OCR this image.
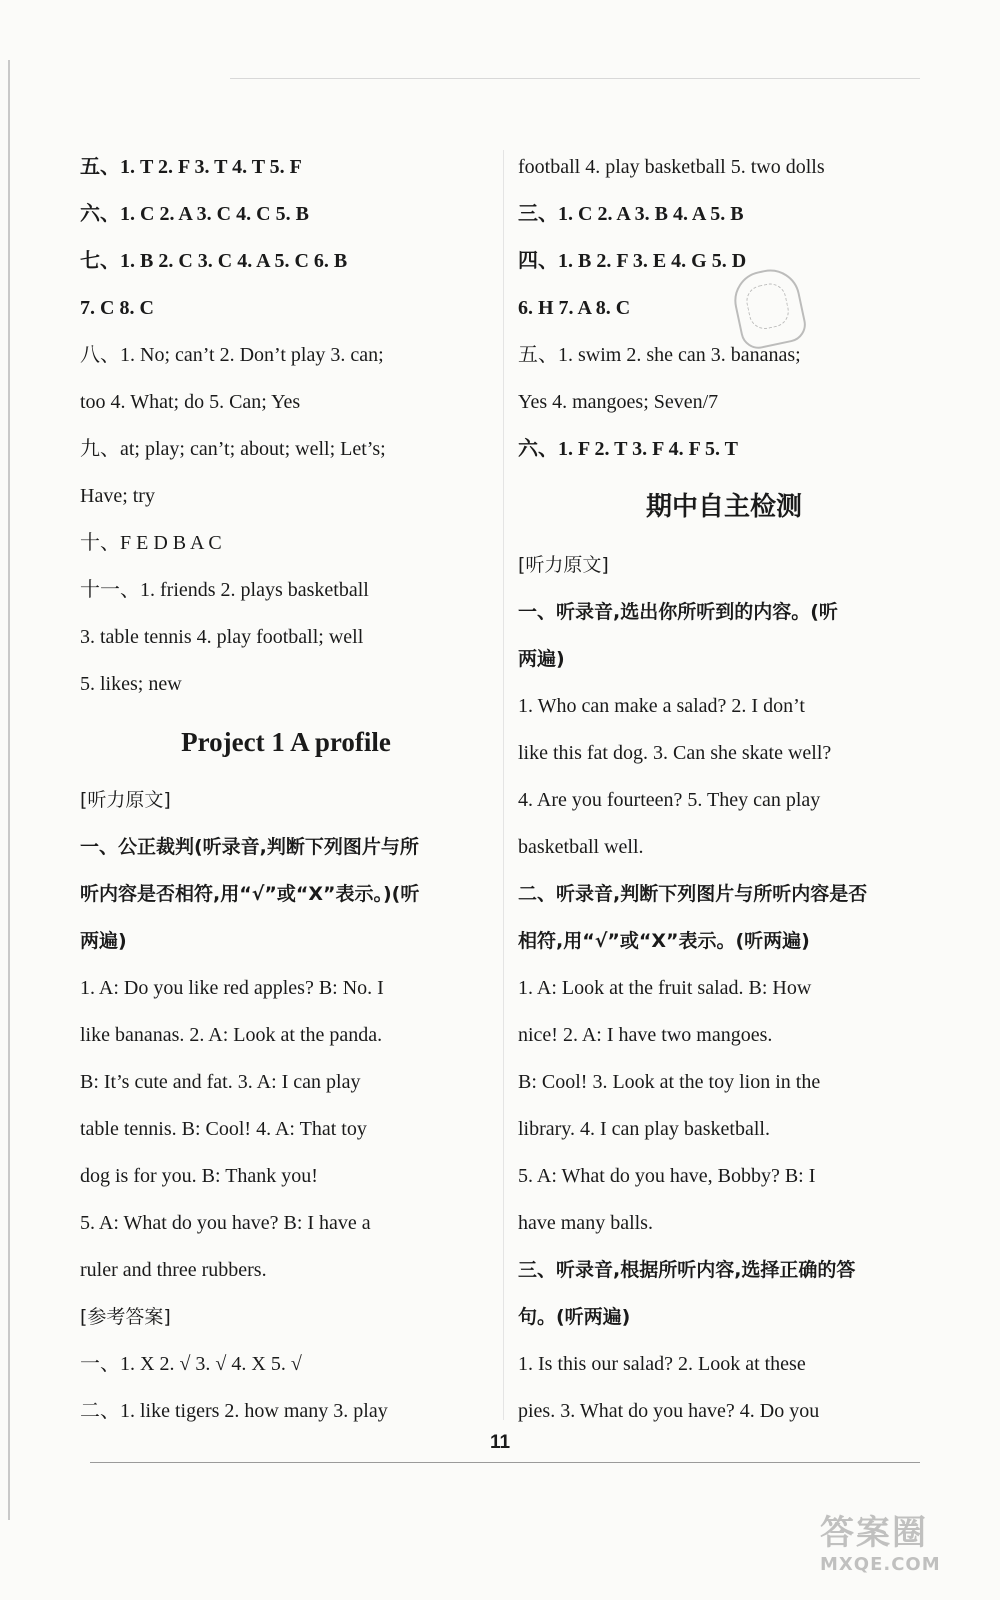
五、1. T 2. F 3. T 4. T 5. F
六、1. C 2. A 3. C 4. C 5. B
七、1. B 2. C 3. C 4. A 5. C 6. B
7. C 8. C
八、1. No; can’t 2. Don’t play 3. can;
too 4. What; do 5. Can; Yes
九、at; play; can’t; about; well; Let’s;
Have; try
十、F E D B A C
十一、1. friends 2. plays basketball
3. table tennis 4. play football; well
5. likes; new
Project 1 A profile
[听力原文]
一、公正裁判(听录音,判断下列图片与所
听内容是否相符,用“√”或“X”表示。)(听
两遍)
1. A: Do you like red apples? B: No. I
like bananas. 2. A: Look at the panda.
B: It’s cute and fat. 3. A: I can play
table tennis. B: Cool! 4. A: That toy
dog is for you. B: Thank you!
5. A: What do you have? B: I have a
ruler and three rubbers.
[参考答案]
一、1. X 2. √ 3. √ 4. X 5. √
二、1. like tigers 2. how many 3. play
football 4. play basketball 5. two dolls
三、1. C 2. A 3. B 4. A 5. B
四、1. B 2. F 3. E 4. G 5. D
6. H 7. A 8. C
五、1. swim 2. she can 3. bananas;
Yes 4. mangoes; Seven/7
六、1. F 2. T 3. F 4. F 5. T
期中自主检测
[听力原文]
一、听录音,选出你所听到的内容。(听
两遍)
1. Who can make a salad? 2. I don’t
like this fat dog. 3. Can she skate well?
4. Are you fourteen? 5. They can play
basketball well.
二、听录音,判断下列图片与所听内容是否
相符,用“√”或“X”表示。(听两遍)
1. A: Look at the fruit salad. B: How
nice! 2. A: I have two mangoes.
B: Cool! 3. Look at the toy lion in the
library. 4. I can play basketball.
5. A: What do you have, Bobby? B: I
have many balls.
三、听录音,根据所听内容,选择正确的答
句。(听两遍)
1. Is this our salad? 2. Look at these
pies. 3. What do you have? 4. Do you
11
答案圈
MXQE.COM
